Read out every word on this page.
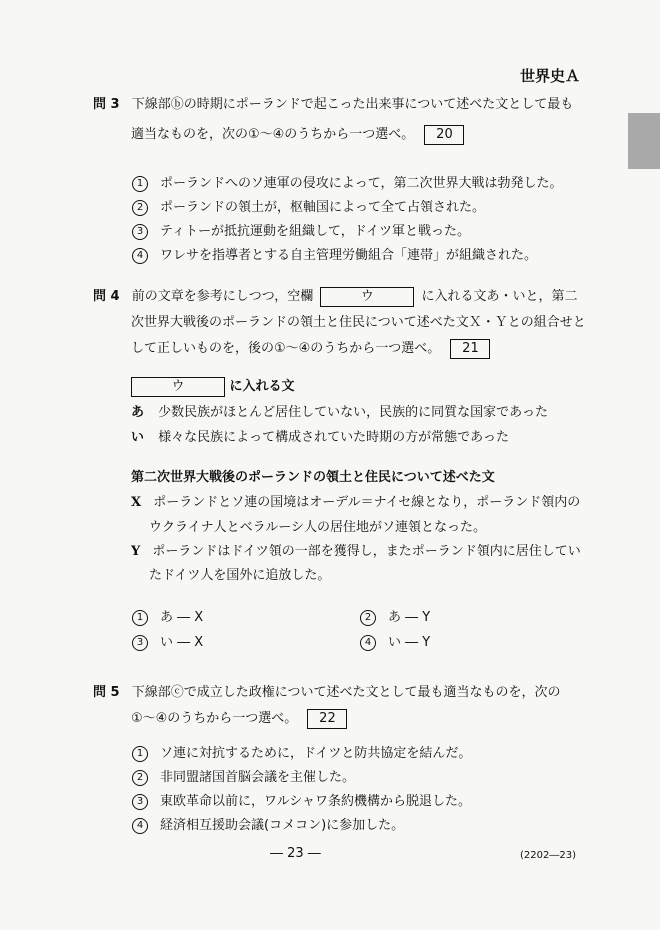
世界史Ａ
問 3 下線部ⓑの時期にポーランドで起こった出来事について述べた文として最も
適当なものを，次の①～④のうちから一つ選べ。 20
1 ポーランドへのソ連軍の侵攻によって，第二次世界大戦は勃発した。
2 ポーランドの領土が，枢軸国によって全て占領された。
3 ティトーが抵抗運動を組織して，ドイツ軍と戦った。
4 ワレサを指導者とする自主管理労働組合「連帯」が組織された。
問 4 前の文章を参考にしつつ，空欄	ウ	に入れる文あ・いと，第二
次世界大戦後のポーランドの領土と住民について述べた文Ｘ・Ｙとの組合せと
して正しいものを，後の①～④のうちから一つ選べ。 21
ウ	に入れる文
あ 少数民族がほとんど居住していない，民族的に同質な国家であった
い 様々な民族によって構成されていた時期の方が常態であった
第二次世界大戦後のポーランドの領土と住民について述べた文
X ポーランドとソ連の国境はオーデル＝ナイセ線となり，ポーランド領内の
ウクライナ人とベラルーシ人の居住地がソ連領となった。
Y ポーランドはドイツ領の一部を獲得し，またポーランド領内に居住してい
たドイツ人を国外に追放した。
1 あ ― X	2 あ ― Y
3 い ― X	4 い ― Y
問 5 下線部ⓒで成立した政権について述べた文として最も適当なものを，次の
①～④のうちから一つ選べ。 22
1 ソ連に対抗するために，ドイツと防共協定を結んだ。
2 非同盟諸国首脳会議を主催した。
3 東欧革命以前に，ワルシャワ条約機構から脱退した。
4 経済相互援助会議(コメコン)に参加した。
― 23 ―	(2202―23)
